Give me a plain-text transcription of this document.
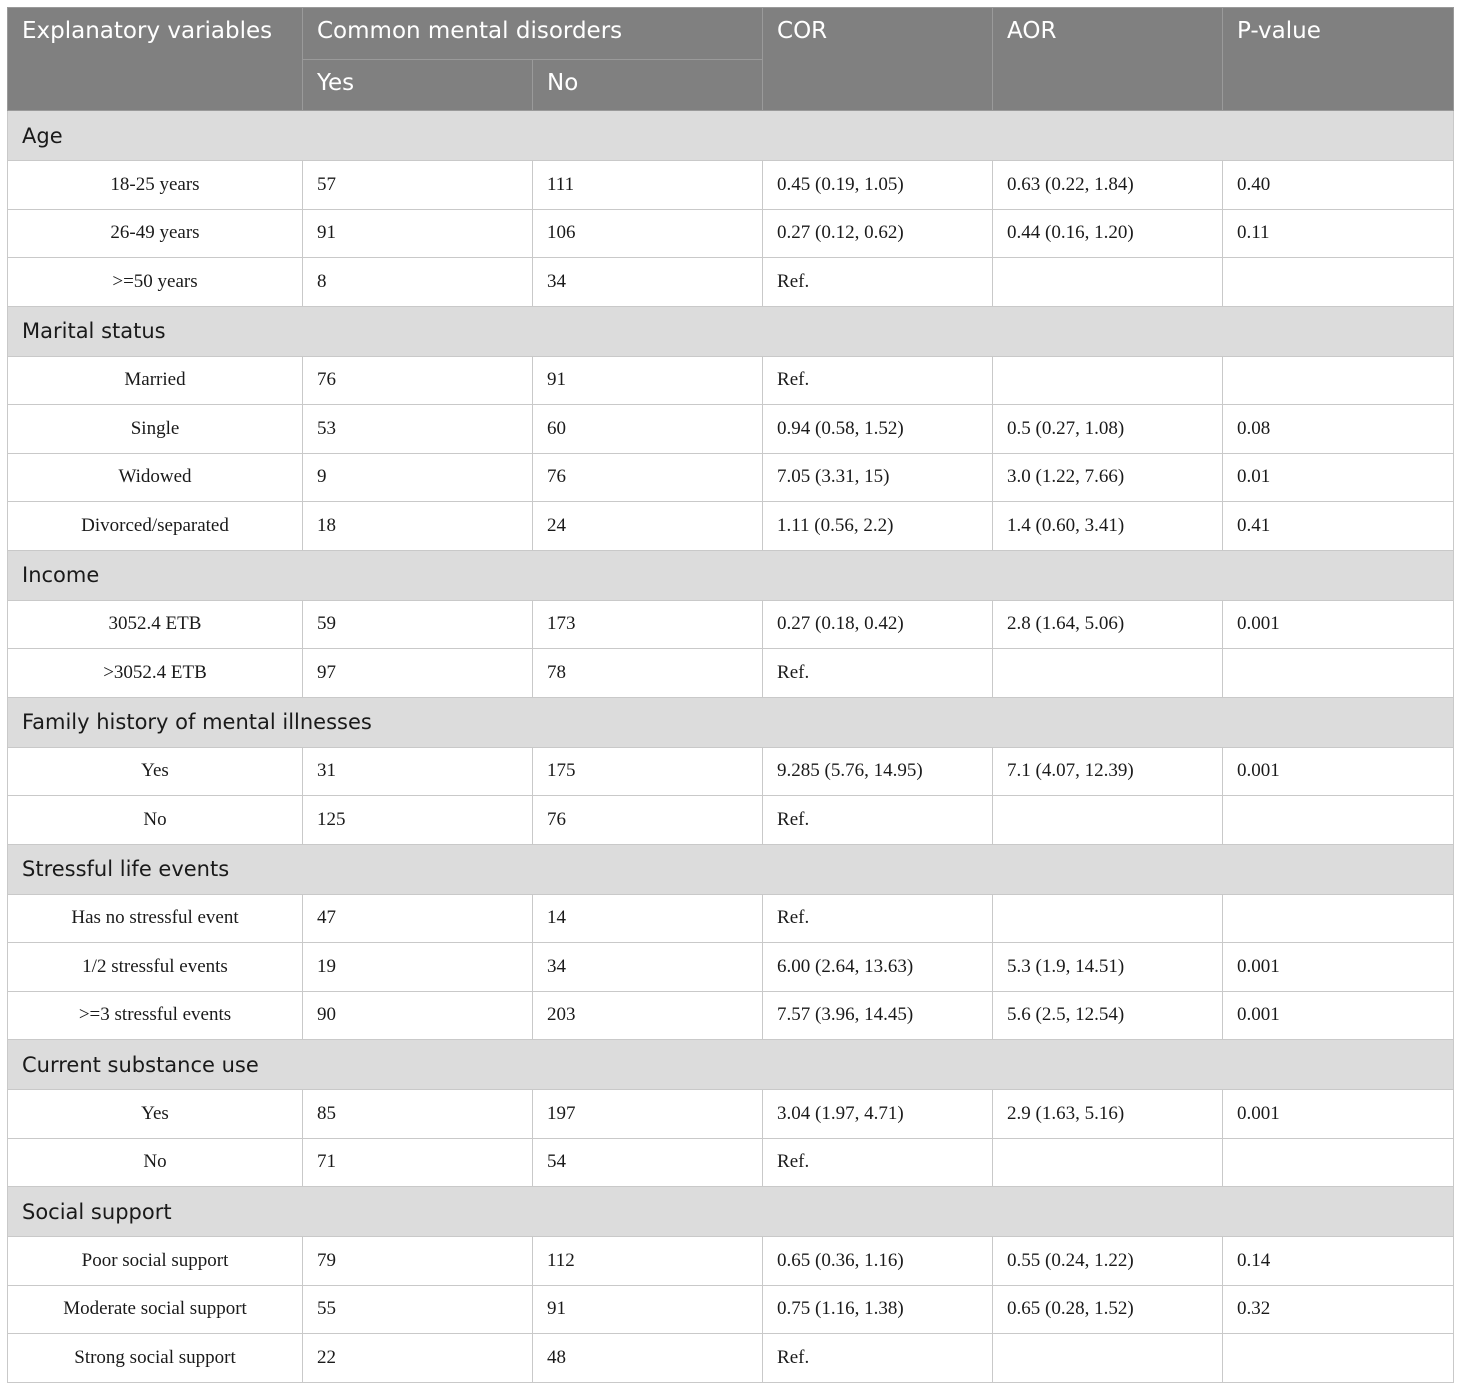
Explanatory variables	Common mental disorders		COR	AOR	P-value
	Yes	No			
Age					
18-25 years	57	111	0.45 (0.19, 1.05)	0.63 (0.22, 1.84)	0.40
26-49 years	91	106	0.27 (0.12, 0.62)	0.44 (0.16, 1.20)	0.11
>=50 years	8	34	Ref.		
Marital status					
Married	76	91	Ref.		
Single	53	60	0.94 (0.58, 1.52)	0.5 (0.27, 1.08)	0.08
Widowed	9	76	7.05 (3.31, 15)	3.0 (1.22, 7.66)	0.01
Divorced/separated	18	24	1.11 (0.56, 2.2)	1.4 (0.60, 3.41)	0.41
Income					
3052.4 ETB	59	173	0.27 (0.18, 0.42)	2.8 (1.64, 5.06)	0.001
>3052.4 ETB	97	78	Ref.		
Family history of mental illnesses					
Yes	31	175	9.285 (5.76, 14.95)	7.1 (4.07, 12.39)	0.001
No	125	76	Ref.		
Stressful life events					
Has no stressful event	47	14	Ref.		
1/2 stressful events	19	34	6.00 (2.64, 13.63)	5.3 (1.9, 14.51)	0.001
>=3 stressful events	90	203	7.57 (3.96, 14.45)	5.6 (2.5, 12.54)	0.001
Current substance use					
Yes	85	197	3.04 (1.97, 4.71)	2.9 (1.63, 5.16)	0.001
No	71	54	Ref.		
Social support					
Poor social support	79	112	0.65 (0.36, 1.16)	0.55 (0.24, 1.22)	0.14
Moderate social support	55	91	0.75 (1.16, 1.38)	0.65 (0.28, 1.52)	0.32
Strong social support	22	48	Ref.		
